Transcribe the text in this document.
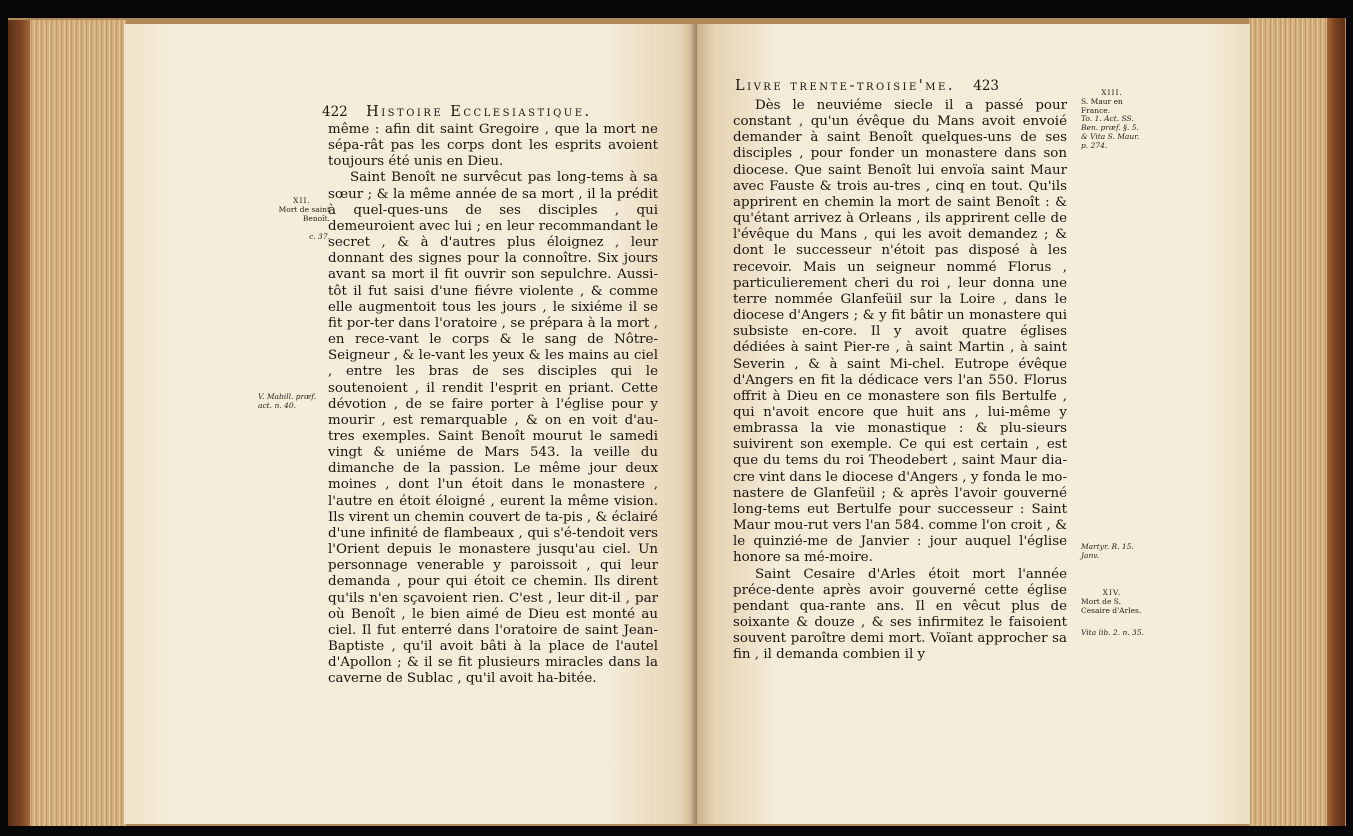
422 Histoire Ecclesiastique.

même : afin dit saint Gregoire , que la mort ne sépa-rât pas les corps dont les esprits avoient toujours été unis en Dieu.

Saint Benoît ne survêcut pas long-tems à sa sœur ; & la même année de sa mort , il la prédit à quel-ques-uns de ses disciples , qui demeuroient avec lui ; en leur recommandant le secret , & à d'autres plus éloignez , leur donnant des signes pour la connoître. Six jours avant sa mort il fit ouvrir son sepulchre. Aussi-tôt il fut saisi d'une fiévre violente , & comme elle augmentoit tous les jours , le sixiéme il se fit por-ter dans l'oratoire , se prépara à la mort , en rece-vant le corps & le sang de Nôtre-Seigneur , & le-vant les yeux & les mains au ciel , entre les bras de ses disciples qui le soutenoient , il rendit l'esprit en priant. Cette dévotion , de se faire porter à l'église pour y mourir , est remarquable , & on en voit d'au-tres exemples. Saint Benoît mourut le samedi vingt & uniéme de Mars 543. la veille du dimanche de la passion. Le même jour deux moines , dont l'un étoit dans le monastere , l'autre en étoit éloigné , eurent la même vision. Ils virent un chemin couvert de ta-pis , & éclairé d'une infinité de flambeaux , qui s'é-tendoit vers l'Orient depuis le monastere jusqu'au ciel. Un personnage venerable y paroissoit , qui leur demanda , pour qui étoit ce chemin. Ils dirent qu'ils n'en sçavoient rien. C'est , leur dit-il , par où Benoît , le bien aimé de Dieu est monté au ciel. Il fut enterré dans l'oratoire de saint Jean-Baptiste , qu'il avoit bâti à la place de l'autel d'Apollon ; & il se fit plusieurs miracles dans la caverne de Sublac , qu'il avoit ha-bitée.

XII.
Mort de saint Benoît.
c. 37.
V. Mabill. præf. act. n. 40.
Livre trente-troisie'me. 423

Dès le neuviéme siecle il a passé pour constant , qu'un évêque du Mans avoit envoié demander à saint Benoît quelques-uns de ses disciples , pour fonder un monastere dans son diocese. Que saint Benoît lui envoïa saint Maur avec Fauste & trois au-tres , cinq en tout. Qu'ils apprirent en chemin la mort de saint Benoît : & qu'étant arrivez à Orleans , ils apprirent celle de l'évêque du Mans , qui les avoit demandez ; & dont le successeur n'étoit pas disposé à les recevoir. Mais un seigneur nommé Florus , particulierement cheri du roi , leur donna une terre nommée Glanfeüil sur la Loire , dans le diocese d'Angers ; & y fit bâtir un monastere qui subsiste en-core. Il y avoit quatre églises dédiées à saint Pier-re , à saint Martin , à saint Severin , & à saint Mi-chel. Eutrope évêque d'Angers en fit la dédicace vers l'an 550. Florus offrit à Dieu en ce monastere son fils Bertulfe , qui n'avoit encore que huit ans , lui-même y embrassa la vie monastique : & plu-sieurs suivirent son exemple. Ce qui est certain , est que du tems du roi Theodebert , saint Maur dia-cre vint dans le diocese d'Angers , y fonda le mo-nastere de Glanfeüil ; & après l'avoir gouverné long-tems eut Bertulfe pour successeur : Saint Maur mou-rut vers l'an 584. comme l'on croit , & le quinzié-me de Janvier : jour auquel l'église honore sa mé-moire.

Saint Cesaire d'Arles étoit mort l'année préce-dente après avoir gouverné cette église pendant qua-rante ans. Il en vêcut plus de soixante & douze , & ses infirmitez le faisoient souvent paroître demi mort. Voïant approcher sa fin , il demanda combien il y

XIII.
S. Maur en France.
To. 1. Act. SS. Ben. præf. §. 5. & Vita S. Maur. p. 274.
Martyr. R. 15. Janv.
XIV.
Mort de S. Cesaire d'Arles.
Vita lib. 2. n. 35.
